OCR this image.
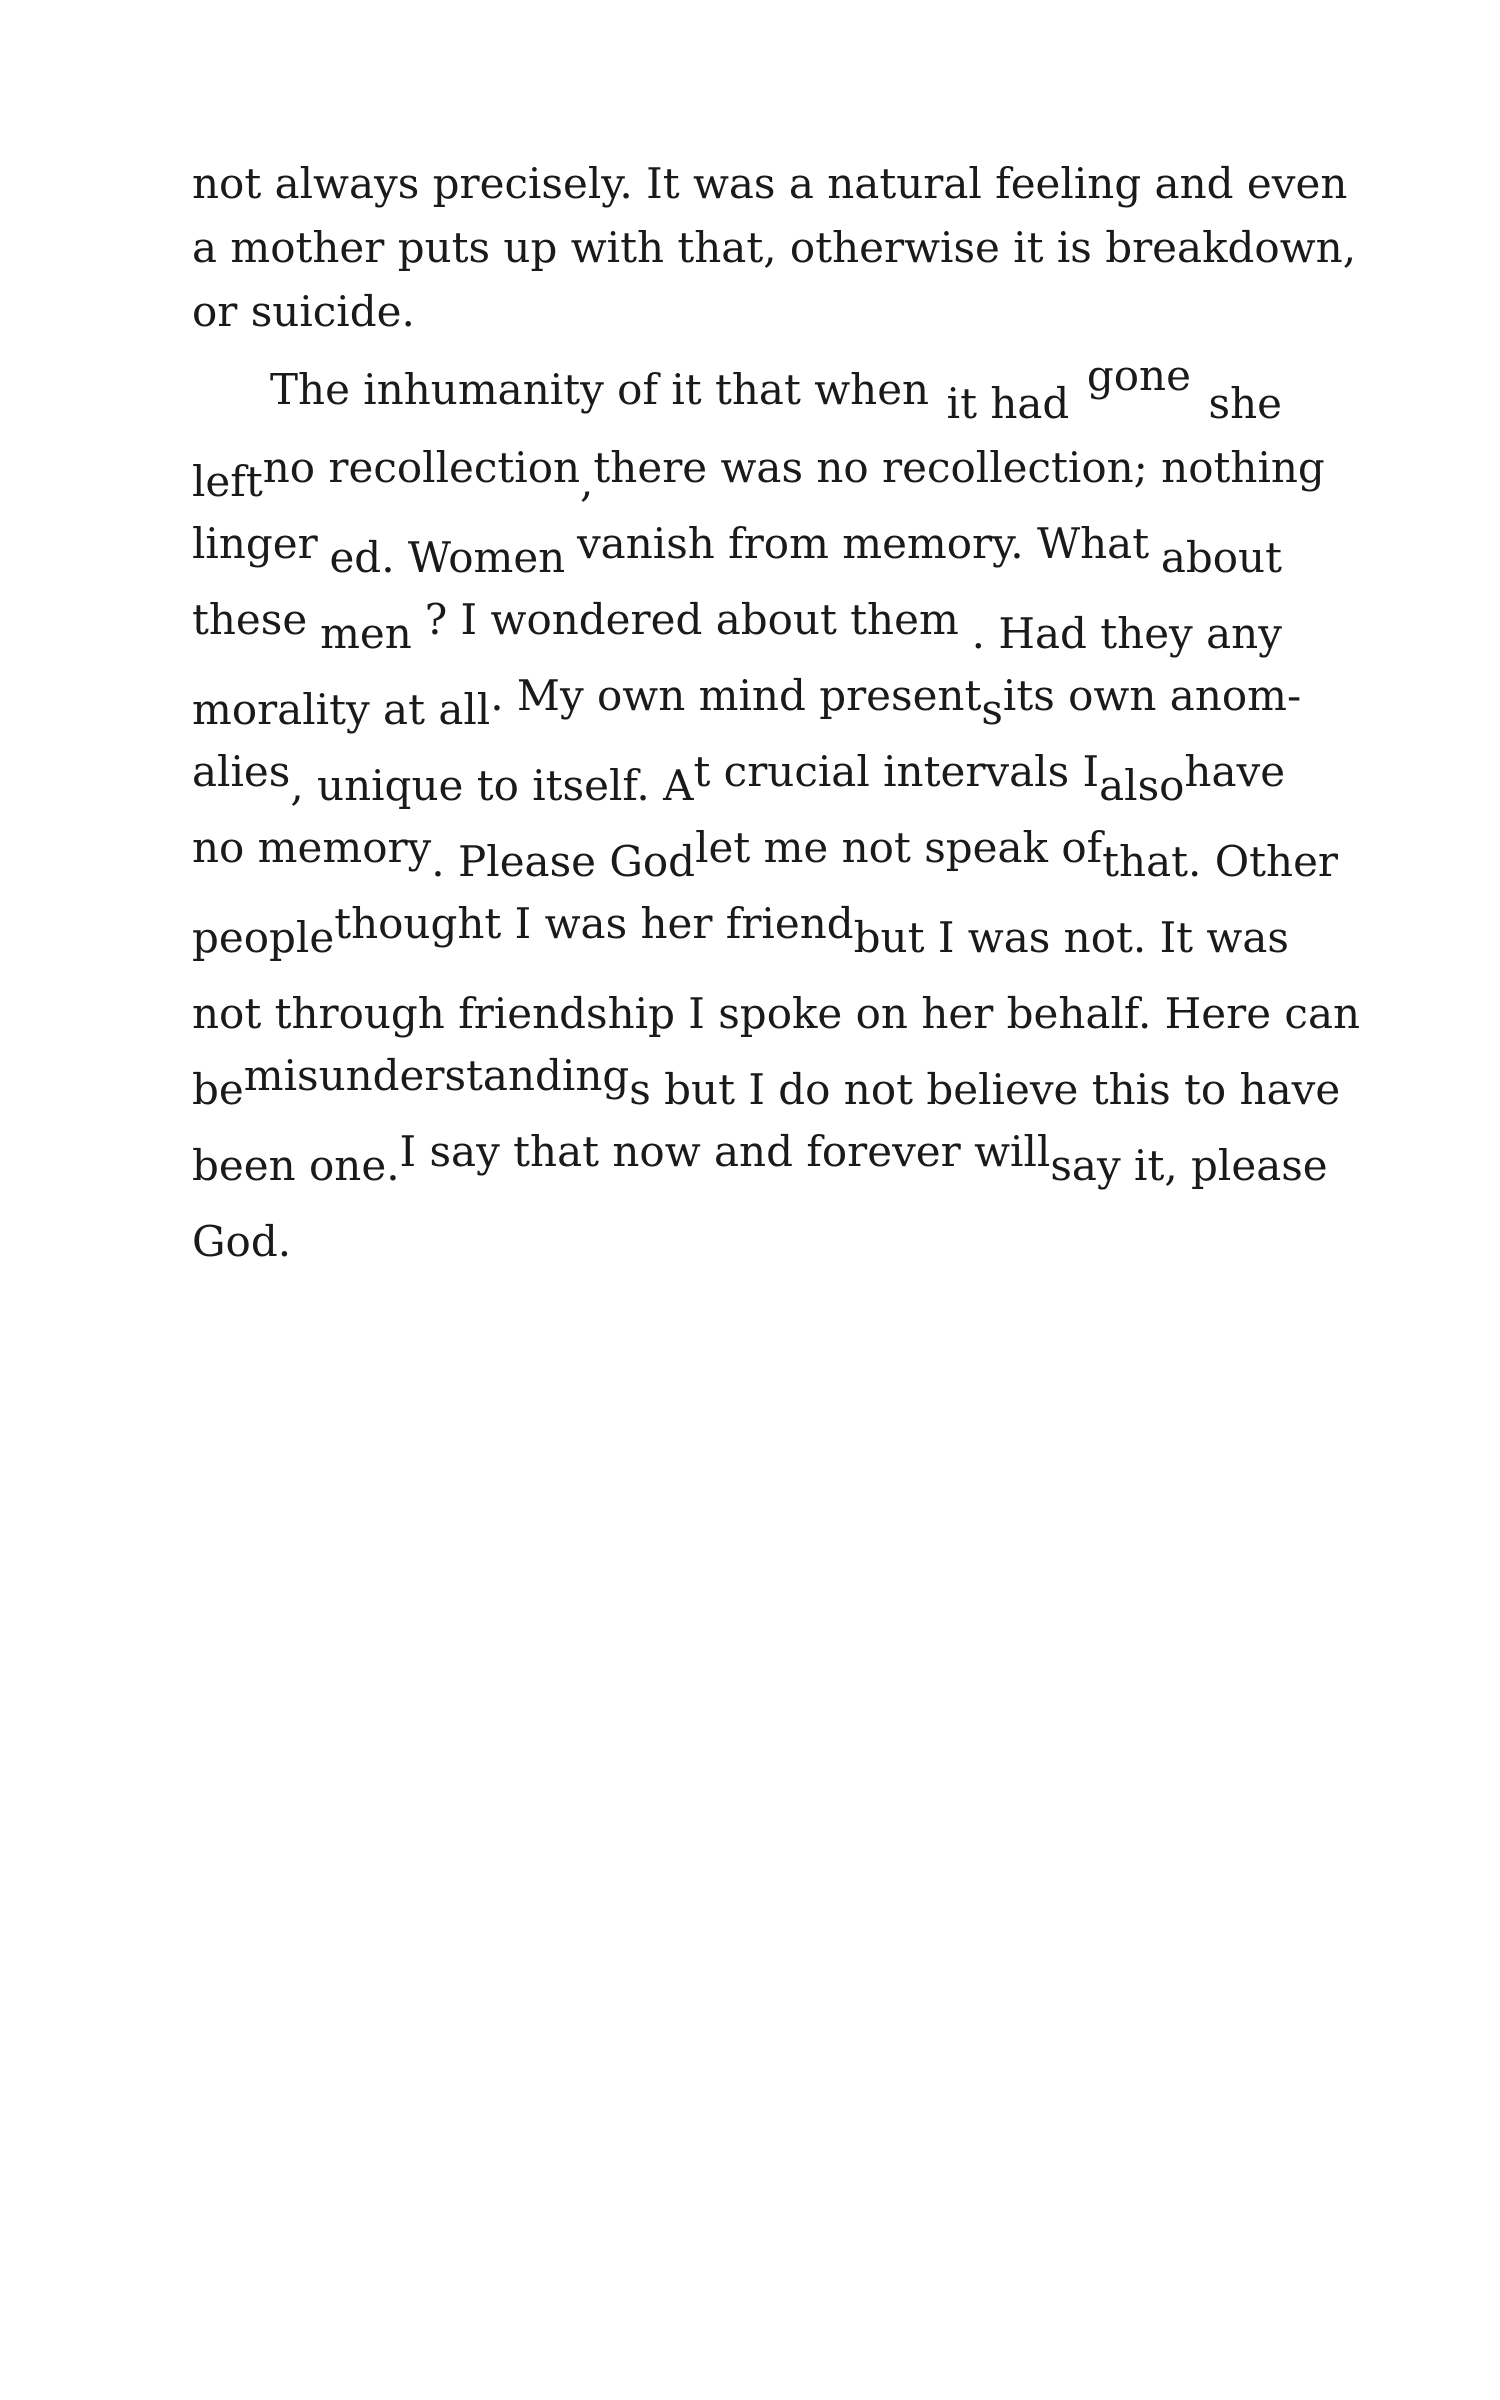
not always precisely. It was a natural feeling and even
a mother puts up with that, otherwise it is breakdown,
or suicide.
The inhumanity of it that when it had
gone
she
left no recollection , there was no recollection; nothing
linger ed. Women vanish from memory. What about
these men ? I wondered about them . Had they any
morality at all . My own mind present s its own anom-
alies , unique to itself. A t crucial intervals I also have
no memory . Please God let me not speak of that. Other
people thought I was her friend but I was not. It was
not through friendship I spoke on her behalf. Here can
be misunderstanding s but I do not believe this to have
been one. I say that now and forever will say it, please
God.
